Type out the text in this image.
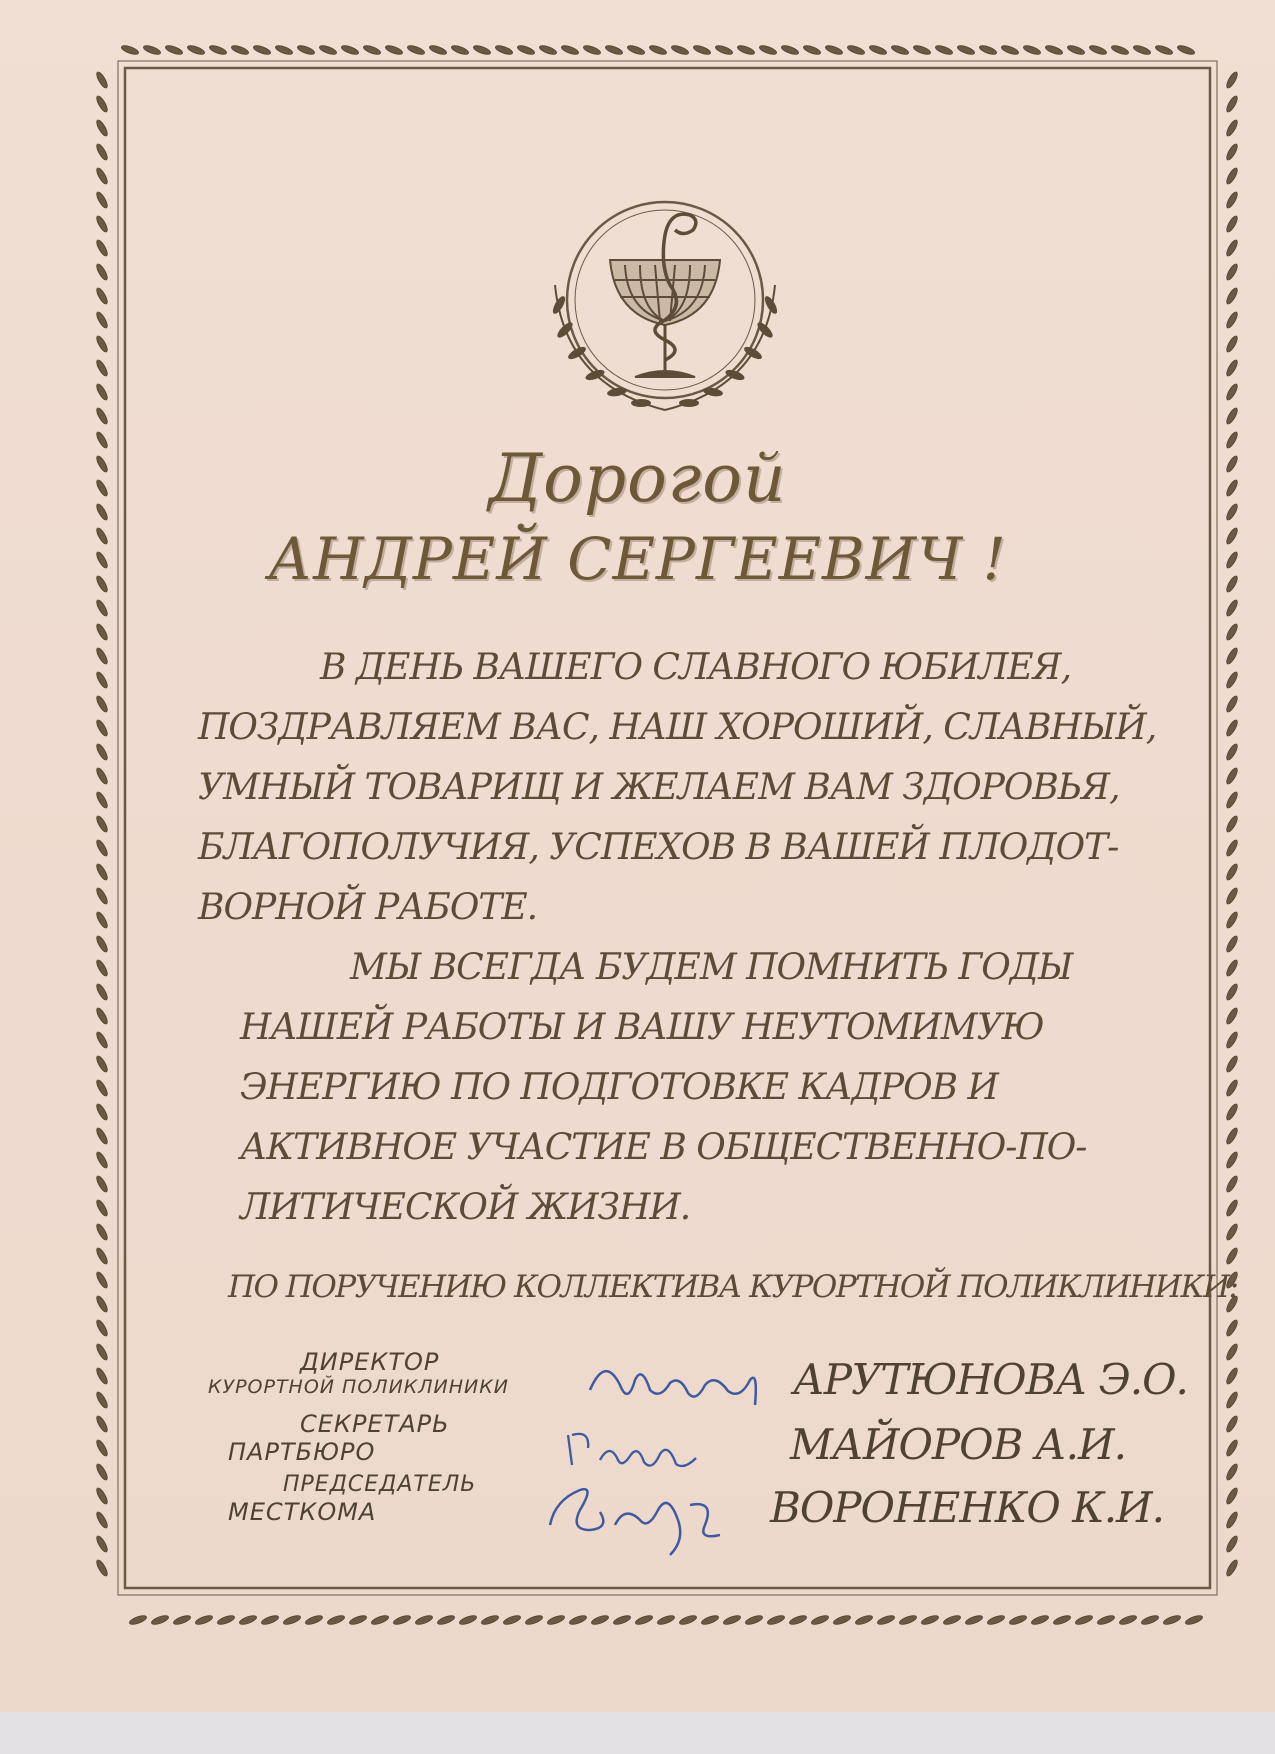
Дорогой
АНДРЕЙ СЕРГЕЕВИЧ !
В ДЕНЬ ВАШЕГО СЛАВНОГО ЮБИЛЕЯ,
ПОЗДРАВЛЯЕМ ВАС, НАШ ХОРОШИЙ, СЛАВНЫЙ,
УМНЫЙ ТОВАРИЩ И ЖЕЛАЕМ ВАМ ЗДОРОВЬЯ,
БЛАГОПОЛУЧИЯ, УСПЕХОВ В ВАШЕЙ ПЛОДОТ-
ВОРНОЙ РАБОТЕ.
МЫ ВСЕГДА БУДЕМ ПОМНИТЬ ГОДЫ
НАШЕЙ РАБОТЫ И ВАШУ НЕУТОМИМУЮ
ЭНЕРГИЮ ПО ПОДГОТОВКЕ КАДРОВ И
АКТИВНОЕ УЧАСТИЕ В ОБЩЕСТВЕННО-ПО-
ЛИТИЧЕСКОЙ ЖИЗНИ.
ПО ПОРУЧЕНИЮ КОЛЛЕКТИВА КУРОРТНОЙ ПОЛИКЛИНИКИ:
ДИРЕКТОР
КУРОРТНОЙ ПОЛИКЛИНИКИ	АРУТЮНОВА Э.О.
СЕКРЕТАРЬ
ПАРТБЮРО	МАЙОРОВ А.И.
ПРЕДСЕДАТЕЛЬ
МЕСТКОМА	ВОРОНЕНКО К.И.
